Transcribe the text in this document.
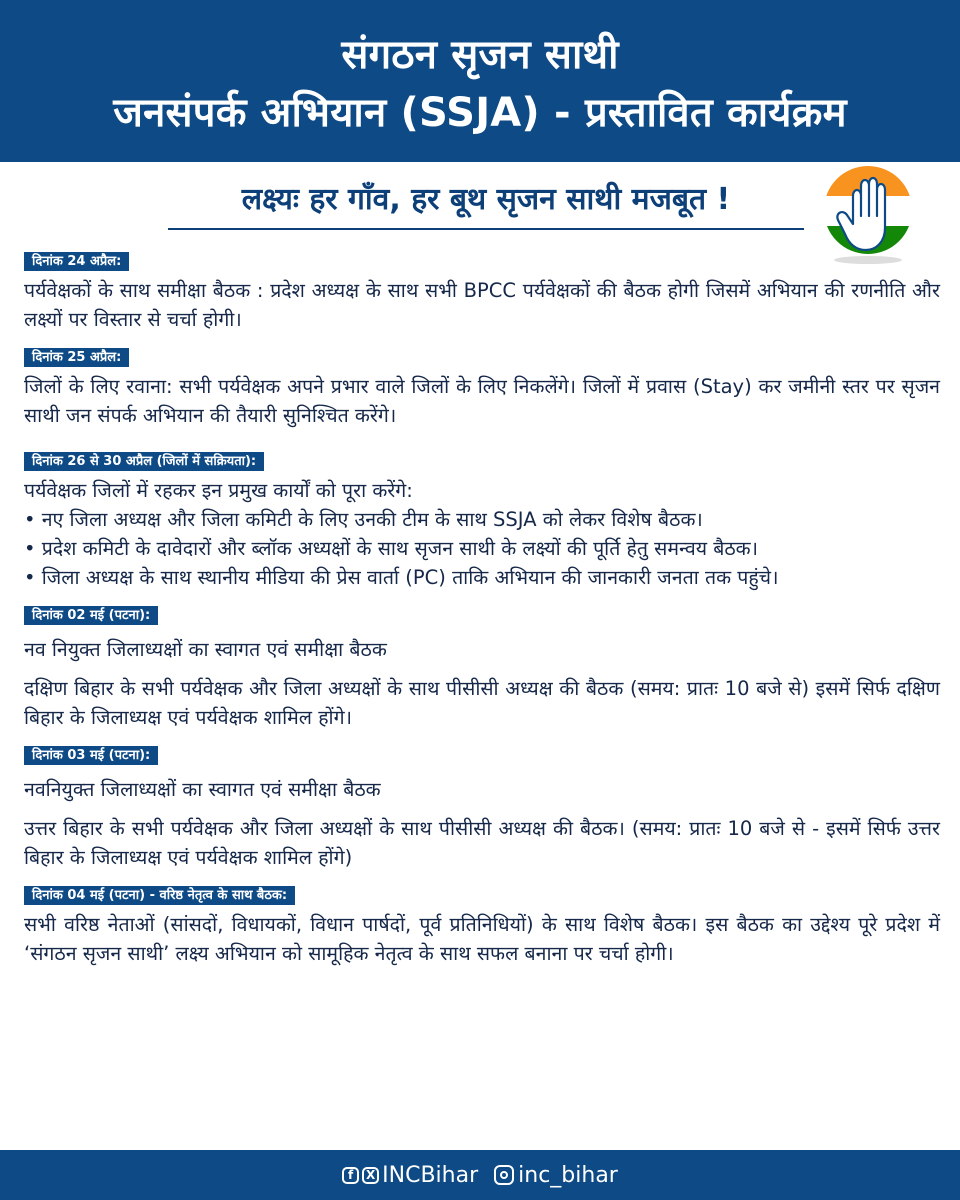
संगठन सृजन साथी
जनसंपर्क अभियान (SSJA) - प्रस्तावित कार्यक्रम
लक्ष्यः हर गाँव, हर बूथ सृजन साथी मजबूत !
दिनांक 24 अप्रैल:

पर्यवेक्षकों के साथ समीक्षा बैठक : प्रदेश अध्यक्ष के साथ सभी BPCC पर्यवेक्षकों की बैठक होगी जिसमें अभियान की रणनीति और लक्ष्यों पर विस्तार से चर्चा होगी।

दिनांक 25 अप्रैल:

जिलों के लिए रवाना: सभी पर्यवेक्षक अपने प्रभार वाले जिलों के लिए निकलेंगे। जिलों में प्रवास (Stay) कर जमीनी स्तर पर सृजन साथी जन संपर्क अभियान की तैयारी सुनिश्चित करेंगे।

दिनांक 26 से 30 अप्रैल (जिलों में सक्रियता):

पर्यवेक्षक जिलों में रहकर इन प्रमुख कार्यों को पूरा करेंगे:

• नए जिला अध्यक्ष और जिला कमिटी के लिए उनकी टीम के साथ SSJA को लेकर विशेष बैठक।

• प्रदेश कमिटी के दावेदारों और ब्लॉक अध्यक्षों के साथ सृजन साथी के लक्ष्यों की पूर्ति हेतु समन्वय बैठक।

• जिला अध्यक्ष के साथ स्थानीय मीडिया की प्रेस वार्ता (PC) ताकि अभियान की जानकारी जनता तक पहुंचे।

दिनांक 02 मई (पटना):

नव नियुक्त जिलाध्यक्षों का स्वागत एवं समीक्षा बैठक

दक्षिण बिहार के सभी पर्यवेक्षक और जिला अध्यक्षों के साथ पीसीसी अध्यक्ष की बैठक (समय: प्रातः 10 बजे से) इसमें सिर्फ दक्षिण बिहार के जिलाध्यक्ष एवं पर्यवेक्षक शामिल होंगे।

दिनांक 03 मई (पटना):

नवनियुक्त जिलाध्यक्षों का स्वागत एवं समीक्षा बैठक

उत्तर बिहार के सभी पर्यवेक्षक और जिला अध्यक्षों के साथ पीसीसी अध्यक्ष की बैठक। (समय: प्रातः 10 बजे से - इसमें सिर्फ उत्तर बिहार के जिलाध्यक्ष एवं पर्यवेक्षक शामिल होंगे)

दिनांक 04 मई (पटना) - वरिष्ठ नेतृत्व के साथ बैठक:

सभी वरिष्ठ नेताओं (सांसदों, विधायकों, विधान पार्षदों, पूर्व प्रतिनिधियों) के साथ विशेष बैठक। इस बैठक का उद्देश्य पूरे प्रदेश में ‘संगठन सृजन साथी’ लक्ष्य अभियान को सामूहिक नेतृत्व के साथ सफल बनाना पर चर्चा होगी।

f	X INCBihar inc_bihar
